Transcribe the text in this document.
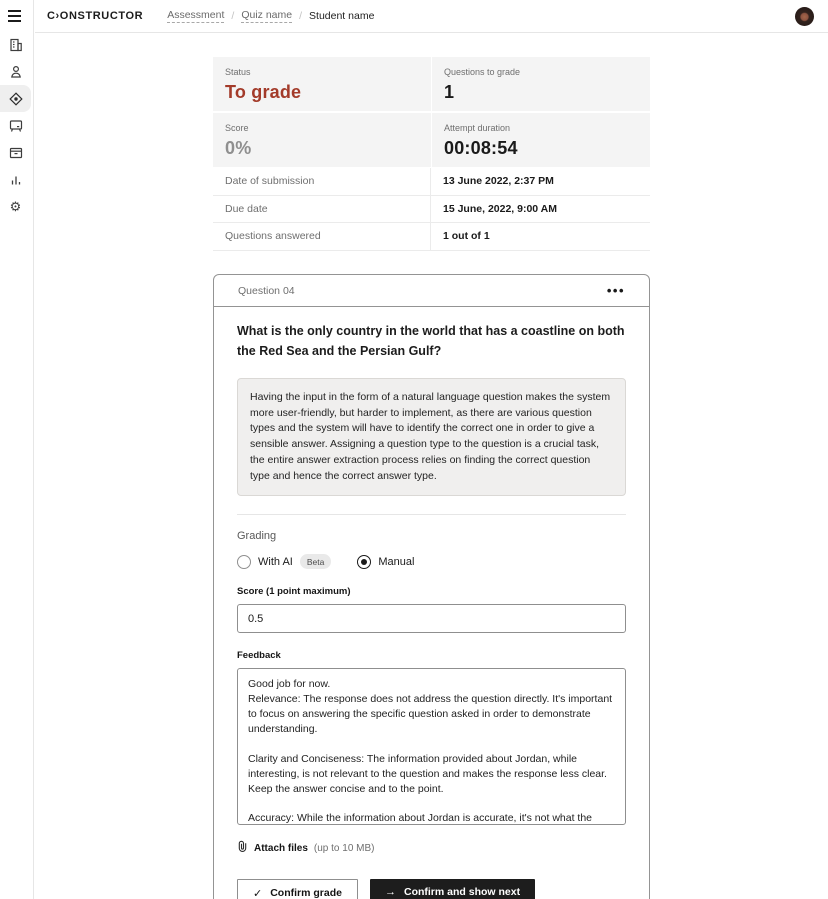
⚙
C›ONSTRUCTOR Assessment / Quiz name / Student name
Status
To grade
Questions to grade
1
Score
0%
Attempt duration
00:08:54
Date of submission	13 June 2022, 2:37 PM
Due date	15 June, 2022, 9:00 AM
Questions answered	1 out of 1
Question 04	•••
What is the only country in the world that has a coastline on both the Red Sea and the Persian Gulf?
Having the input in the form of a natural language question makes the system more user-friendly, but harder to implement, as there are various question types and the system will have to identify the correct one in order to give a sensible answer. Assigning a question type to the question is a crucial task, the entire answer extraction process relies on finding the correct question type and hence the correct answer type.
Grading
With AI	Beta	Manual
Score (1 point maximum)
0.5
Feedback
Good job for now. Relevance: The response does not address the question directly. It's important to focus on answering the specific question asked in order to demonstrate understanding. Clarity and Conciseness: The information provided about Jordan, while interesting, is not relevant to the question and makes the response less clear. Keep the answer concise and to the point. Accuracy: While the information about Jordan is accurate, it's not what the question is asking for. Ensure that responses directly address the question to demonstrate knowledge accurately.
Attach files (up to 10 MB)
✓ Confirm grade	→ Confirm and show next
